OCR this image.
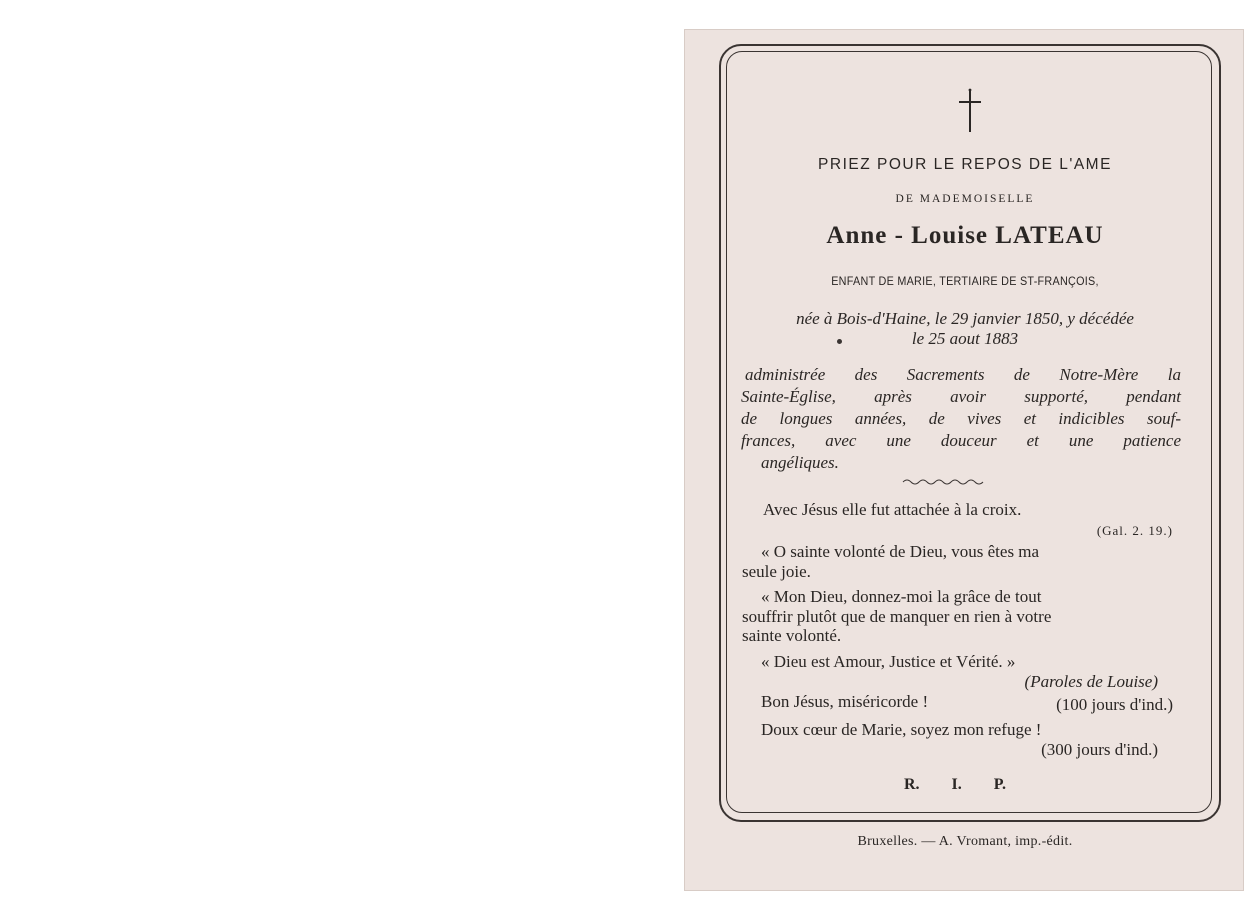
PRIEZ POUR LE REPOS DE L'AME
DE MADEMOISELLE
Anne - Louise LATEAU
ENFANT DE MARIE, TERTIAIRE DE ST-FRANÇOIS,
née à Bois-d'Haine, le 29 janvier 1850, y décédée
le 25 aout 1883

administrée des Sacrements de Notre-Mère la

Sainte-Église, après avoir supporté, pendant

de longues années, de vives et indicibles souf-

frances, avec une douceur et une patience

angéliques.

Avec Jésus elle fut attachée à la croix.
(Gal. 2. 19.)
« O sainte volonté de Dieu, vous êtes ma
seule joie.
« Mon Dieu, donnez-moi la grâce de tout
souffrir plutôt que de manquer en rien à votre
sainte volonté.
« Dieu est Amour, Justice et Vérité. »
(Paroles de Louise)
Bon Jésus, miséricorde !	(100 jours d'ind.)
Doux cœur de Marie, soyez mon refuge !
(300 jours d'ind.)
R. I. P.
Bruxelles. — A. Vromant, imp.-édit.
